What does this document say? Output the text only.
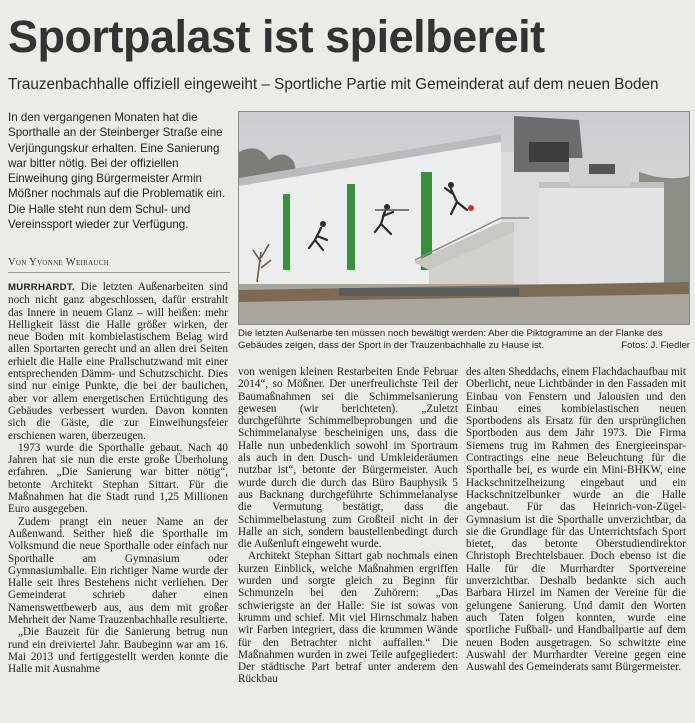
Sportpalast ist spielbereit
Trauzenbachhalle offiziell eingeweiht – Sportliche Partie mit Gemeinderat auf dem neuen Boden
In den vergangenen Monaten hat die Sporthalle an der Steinberger Straße eine Verjüngungskur erhalten. Eine Sanierung war bitter nötig. Bei der offiziellen Einweihung ging Bürgermeister Armin Mößner nochmals auf die Problematik ein. Die Halle steht nun dem Schul- und Vereinssport wieder zur Verfügung.
Von Yvonne Weirauch
Die letzten Außenarbe ten müssen noch bewältigt werden: Aber die Piktogramme an der Flanke des Gebäudes zeigen, dass der Sport in der Trauzenbachhalle zu Hause ist.	Fotos: J. Fiedler

MURRHARDT. Die letzten Außenarbeiten sind noch nicht ganz abgeschlossen, dafür erstrahlt das Innere in neuem Glanz – will heißen: mehr Helligkeit lässt die Halle größer wirken, der neue Boden mit kombielastischem Belag wird allen Sportarten gerecht und an allen drei Seiten erhielt die Halle eine Prallschutzwand mit einer entsprechenden Dämm- und Schutzschicht. Dies sind nur einige Punkte, die bei der baulichen, aber vor allem energetischen Ertüchtigung des Gebäudes verbessert wurden. Davon konnten sich die Gäste, die zur Einweihungsfeier erschienen waren, überzeugen.

1973 wurde die Sporthalle gebaut. Nach 40 Jahren hat sie nun die erste große Überholung erfahren. „Die Sanierung war bitter nötig“, betonte Architekt Stephan Sittart. Für die Maßnahmen hat die Stadt rund 1,25 Millionen Euro ausgegeben.

Zudem prangt ein neuer Name an der Außenwand. Seither hieß die Sporthalle im Volksmund die neue Sporthalle oder einfach nur Sporthalle am Gymnasium oder Gymnasiumhalle. Ein richtiger Name wurde der Halle seit ihres Bestehens nicht verliehen. Der Gemeinderat schrieb daher einen Namenswettbewerb aus, aus dem mit großer Mehrheit der Name Trauzenbachhalle resultierte.

„Die Bauzeit für die Sanierung betrug nun rund ein dreiviertel Jahr. Baubeginn war am 16. Mai 2013 und fertiggestellt werden konnte die Halle mit Ausnahme

von wenigen kleinen Restarbeiten Ende Februar 2014“, so Mößner. Der unerfreulichste Teil der Baumaßnahmen sei die Schimmelsanierung gewesen (wir berichteten). „Zuletzt durchgeführte Schimmelbeprobungen und die Schimmelanalyse bescheinigen uns, dass die Halle nun unbedenklich sowohl im Sportraum als auch in den Dusch- und Umkleideräumen nutzbar ist“, betonte der Bürgermeister. Auch wurde durch die durch das Büro Bauphysik 5 aus Backnang durchgeführte Schimmelanalyse die Vermutung bestätigt, dass die Schimmelbelastung zum Großteil nicht in der Halle an sich, sondern baustellenbedingt durch die Außenluft eingeweht wurde.

Architekt Stephan Sittart gab nochmals einen kurzen Einblick, welche Maßnahmen ergriffen wurden und sorgte gleich zu Beginn für Schmunzeln bei den Zuhörern: „Das schwierigste an der Halle: Sie ist sowas von krumm und schief. Mit viel Hirnschmalz haben wir Farben integriert, dass die krummen Wände für den Betrachter nicht auffallen.“ Die Maßnahmen wurden in zwei Teile aufgegliedert: Der städtische Part betraf unter anderem den Rückbau

des alten Sheddachs, einem Flachdachaufbau mit Oberlicht, neue Lichtbänder in den Fassaden mit Einbau von Fenstern und Jalousien und den Einbau eines kombielastischen neuen Sportbodens als Ersatz für den ursprünglichen Sportboden aus dem Jahr 1973. Die Firma Siemens trug im Rahmen des Energieeinspar-Contractings eine neue Beleuchtung für die Sporthalle bei, es wurde ein Mini-BHKW, eine Hackschnitzelheizung eingebaut und ein Hackschnitzelbunker wurde an die Halle angebaut. Für das Heinrich-von-Zügel-Gymnasium ist die Sporthalle unverzichtbar, da sie die Grundlage für das Unterrichtsfach Sport bietet, das betonte Oberstudiendirektor Christoph Brechtelsbauer. Doch ebenso ist die Halle für die Murrhardter Sportvereine unverzichtbar. Deshalb bedankte sich auch Barbara Hirzel im Namen der Vereine für die gelungene Sanierung. Und damit den Worten auch Taten folgen konnten, wurde eine sportliche Fußball- und Handballpartie auf dem neuen Boden ausgetragen. So schwitzte eine Auswahl der Murrhardter Vereine gegen eine Auswahl des Gemeinderats samt Bürgermeister.
